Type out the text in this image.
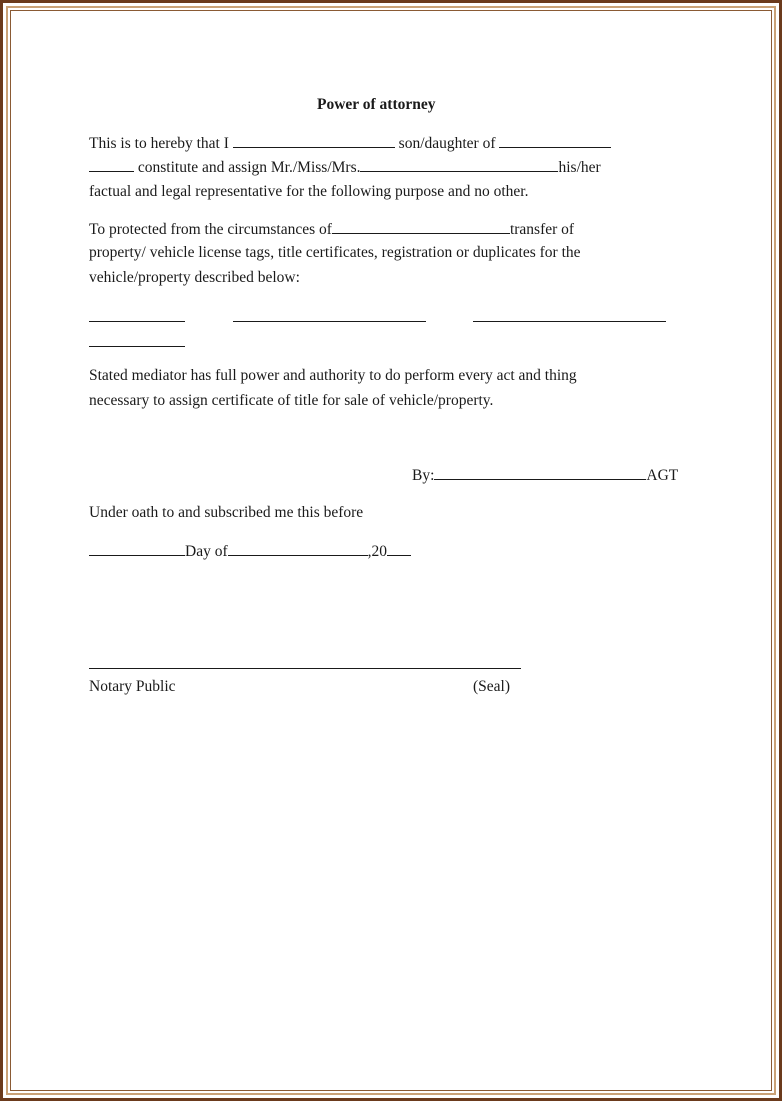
Power of attorney
This is to hereby that I	son/daughter of
constitute and assign Mr./Miss/Mrs.	his/her
factual and legal representative for the following purpose and no other.
To protected from the circumstances of	transfer of
property/ vehicle license tags, title certificates, registration or duplicates for the
vehicle/property described below:
Stated mediator has full power and authority to do perform every act and thing
necessary to assign certificate of title for sale of vehicle/property.
By:	AGT
Under oath to and subscribed me this before
Day of	,20
Notary Public	(Seal)
